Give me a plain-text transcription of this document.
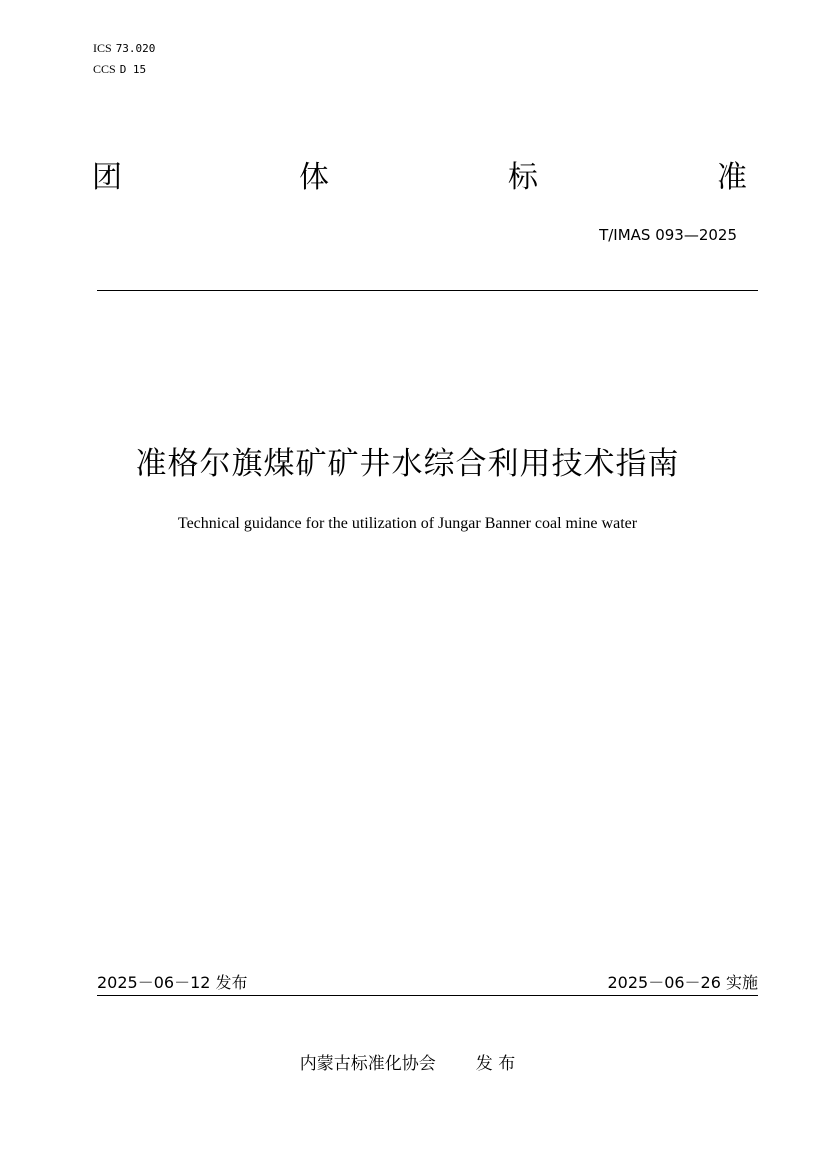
ICS 73.020
CCS D 15
团	体	标	准
T/IMAS 093—2025
准格尔旗煤矿矿井水综合利用技术指南
Technical guidance for the utilization of Jungar Banner coal mine water
2025－06－12 发布	2025－06－26 实施
内蒙古标准化协会 发 布
